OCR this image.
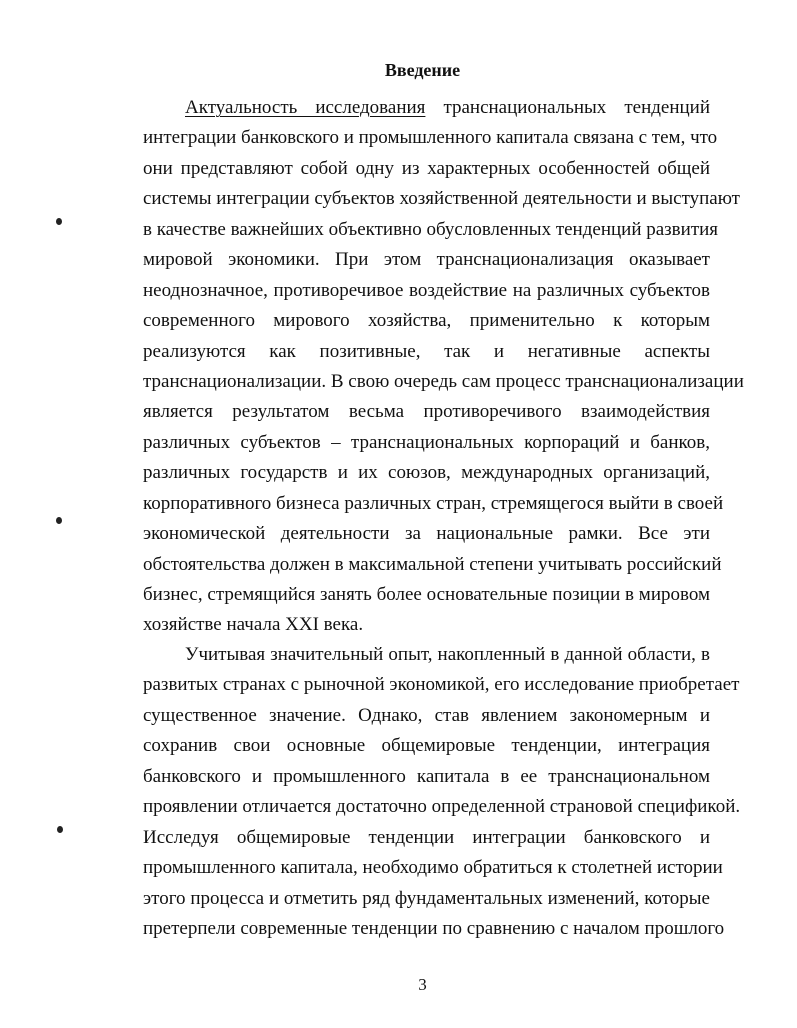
Введение
Актуальность исследования транснациональных тенденций
интеграции банковского и промышленного капитала связана с тем, что
они представляют собой одну из характерных особенностей общей
системы интеграции субъектов хозяйственной деятельности и выступают
в качестве важнейших объективно обусловленных тенденций развития
мировой экономики. При этом транснационализация оказывает
неоднозначное, противоречивое воздействие на различных субъектов
современного мирового хозяйства, применительно к которым
реализуются как позитивные, так и негативные аспекты
транснационализации. В свою очередь сам процесс транснационализации
является результатом весьма противоречивого взаимодействия
различных субъектов – транснациональных корпораций и банков,
различных государств и их союзов, международных организаций,
корпоративного бизнеса различных стран, стремящегося выйти в своей
экономической деятельности за национальные рамки. Все эти
обстоятельства должен в максимальной степени учитывать российский
бизнес, стремящийся занять более основательные позиции в мировом
хозяйстве начала XXI века.
Учитывая значительный опыт, накопленный в данной области, в
развитых странах с рыночной экономикой, его исследование приобретает
существенное значение. Однако, став явлением закономерным и
сохранив свои основные общемировые тенденции, интеграция
банковского и промышленного капитала в ее транснациональном
проявлении отличается достаточно определенной страновой спецификой.
Исследуя общемировые тенденции интеграции банковского и
промышленного капитала, необходимо обратиться к столетней истории
этого процесса и отметить ряд фундаментальных изменений, которые
претерпели современные тенденции по сравнению с началом прошлого
3
